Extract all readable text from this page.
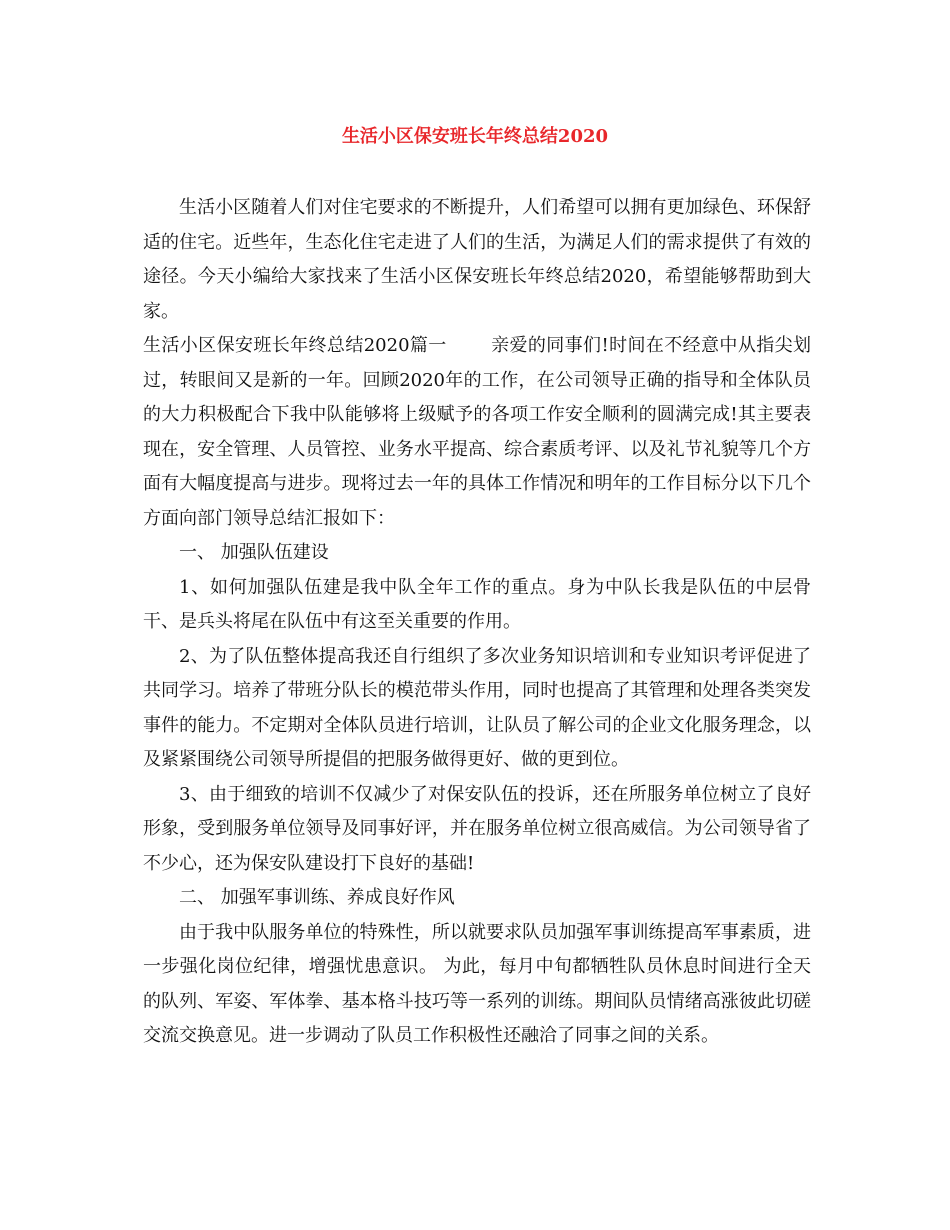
生活小区保安班长年终总结2020

生活小区随着人们对住宅要求的不断提升，人们希望可以拥有更加绿色、环保舒适的住宅。近些年，生态化住宅走进了人们的生活，为满足人们的需求提供了有效的途径。今天小编给大家找来了生活小区保安班长年终总结2020，希望能够帮助到大家。

生活小区保安班长年终总结2020篇一 亲爱的同事们!时间在不经意中从指尖划过，转眼间又是新的一年。回顾2020年的工作，在公司领导正确的指导和全体队员的大力积极配合下我中队能够将上级赋予的各项工作安全顺利的圆满完成!其主要表现在，安全管理、人员管控、业务水平提高、综合素质考评、以及礼节礼貌等几个方面有大幅度提高与进步。现将过去一年的具体工作情况和明年的工作目标分以下几个方面向部门领导总结汇报如下：

一、 加强队伍建设

1、如何加强队伍建是我中队全年工作的重点。身为中队长我是队伍的中层骨干、是兵头将尾在队伍中有这至关重要的作用。

2、为了队伍整体提高我还自行组织了多次业务知识培训和专业知识考评促进了共同学习。培养了带班分队长的模范带头作用，同时也提高了其管理和处理各类突发事件的能力。不定期对全体队员进行培训，让队员了解公司的企业文化服务理念，以及紧紧围绕公司领导所提倡的把服务做得更好、做的更到位。

3、由于细致的培训不仅减少了对保安队伍的投诉，还在所服务单位树立了良好形象，受到服务单位领导及同事好评，并在服务单位树立很高威信。为公司领导省了不少心，还为保安队建设打下良好的基础!

二、 加强军事训练、养成良好作风

由于我中队服务单位的特殊性，所以就要求队员加强军事训练提高军事素质，进一步强化岗位纪律，增强忧患意识。 为此，每月中旬都牺牲队员休息时间进行全天的队列、军姿、军体拳、基本格斗技巧等一系列的训练。期间队员情绪高涨彼此切磋交流交换意见。进一步调动了队员工作积极性还融洽了同事之间的关系。
